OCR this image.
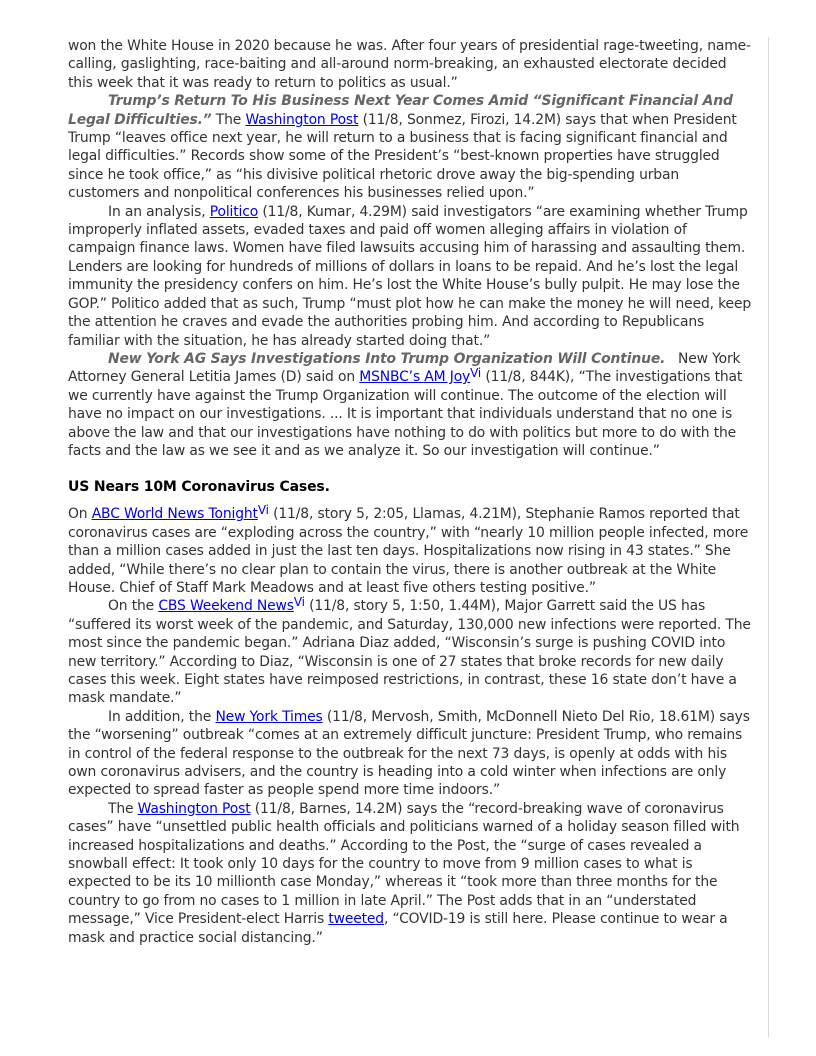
won the White House in 2020 because he was. After four years of presidential rage-tweeting, name-calling, gaslighting, race-baiting and all-around norm-breaking, an exhausted electorate decided this week that it was ready to return to politics as usual.”

Trump’s Return To His Business Next Year Comes Amid “Significant Financial And Legal Difficulties.” The Washington Post (11/8, Sonmez, Firozi, 14.2M) says that when President Trump “leaves office next year, he will return to a business that is facing significant financial and legal difficulties.” Records show some of the President’s “best-known properties have struggled since he took office,” as “his divisive political rhetoric drove away the big-spending urban customers and nonpolitical conferences his businesses relied upon.”

In an analysis, Politico (11/8, Kumar, 4.29M) said investigators “are examining whether Trump improperly inflated assets, evaded taxes and paid off women alleging affairs in violation of campaign finance laws. Women have filed lawsuits accusing him of harassing and assaulting them. Lenders are looking for hundreds of millions of dollars in loans to be repaid. And he’s lost the legal immunity the presidency confers on him. He’s lost the White House’s bully pulpit. He may lose the GOP.” Politico added that as such, Trump “must plot how he can make the money he will need, keep the attention he craves and evade the authorities probing him. And according to Republicans familiar with the situation, he has already started doing that.”

New York AG Says Investigations Into Trump Organization Will Continue.   New York Attorney General Letitia James (D) said on MSNBC’s AM Joy$^{Vi}$ (11/8, 844K), “The investigations that we currently have against the Trump Organization will continue. The outcome of the election will have no impact on our investigations. ... It is important that individuals understand that no one is above the law and that our investigations have nothing to do with politics but more to do with the facts and the law as we see it and as we analyze it. So our investigation will continue.”

US Nears 10M Coronavirus Cases.

On ABC World News Tonight$^{Vi}$ (11/8, story 5, 2:05, Llamas, 4.21M), Stephanie Ramos reported that coronavirus cases are “exploding across the country,” with “nearly 10 million people infected, more than a million cases added in just the last ten days. Hospitalizations now rising in 43 states.” She added, “While there’s no clear plan to contain the virus, there is another outbreak at the White House. Chief of Staff Mark Meadows and at least five others testing positive.”

On the CBS Weekend News$^{Vi}$ (11/8, story 5, 1:50, 1.44M), Major Garrett said the US has “suffered its worst week of the pandemic, and Saturday, 130,000 new infections were reported. The most since the pandemic began.” Adriana Diaz added, “Wisconsin’s surge is pushing COVID into new territory.” According to Diaz, “Wisconsin is one of 27 states that broke records for new daily cases this week. Eight states have reimposed restrictions, in contrast, these 16 state don’t have a mask mandate.”

In addition, the New York Times (11/8, Mervosh, Smith, McDonnell Nieto Del Rio, 18.61M) says the “worsening” outbreak “comes at an extremely difficult juncture: President Trump, who remains in control of the federal response to the outbreak for the next 73 days, is openly at odds with his own coronavirus advisers, and the country is heading into a cold winter when infections are only expected to spread faster as people spend more time indoors.”

The Washington Post (11/8, Barnes, 14.2M) says the “record-breaking wave of coronavirus cases” have “unsettled public health officials and politicians warned of a holiday season filled with increased hospitalizations and deaths.” According to the Post, the “surge of cases revealed a snowball effect: It took only 10 days for the country to move from 9 million cases to what is expected to be its 10 millionth case Monday,” whereas it “took more than three months for the country to go from no cases to 1 million in late April.” The Post adds that in an “understated message,” Vice President-elect Harris tweeted, “COVID-19 is still here. Please continue to wear a mask and practice social distancing.”
